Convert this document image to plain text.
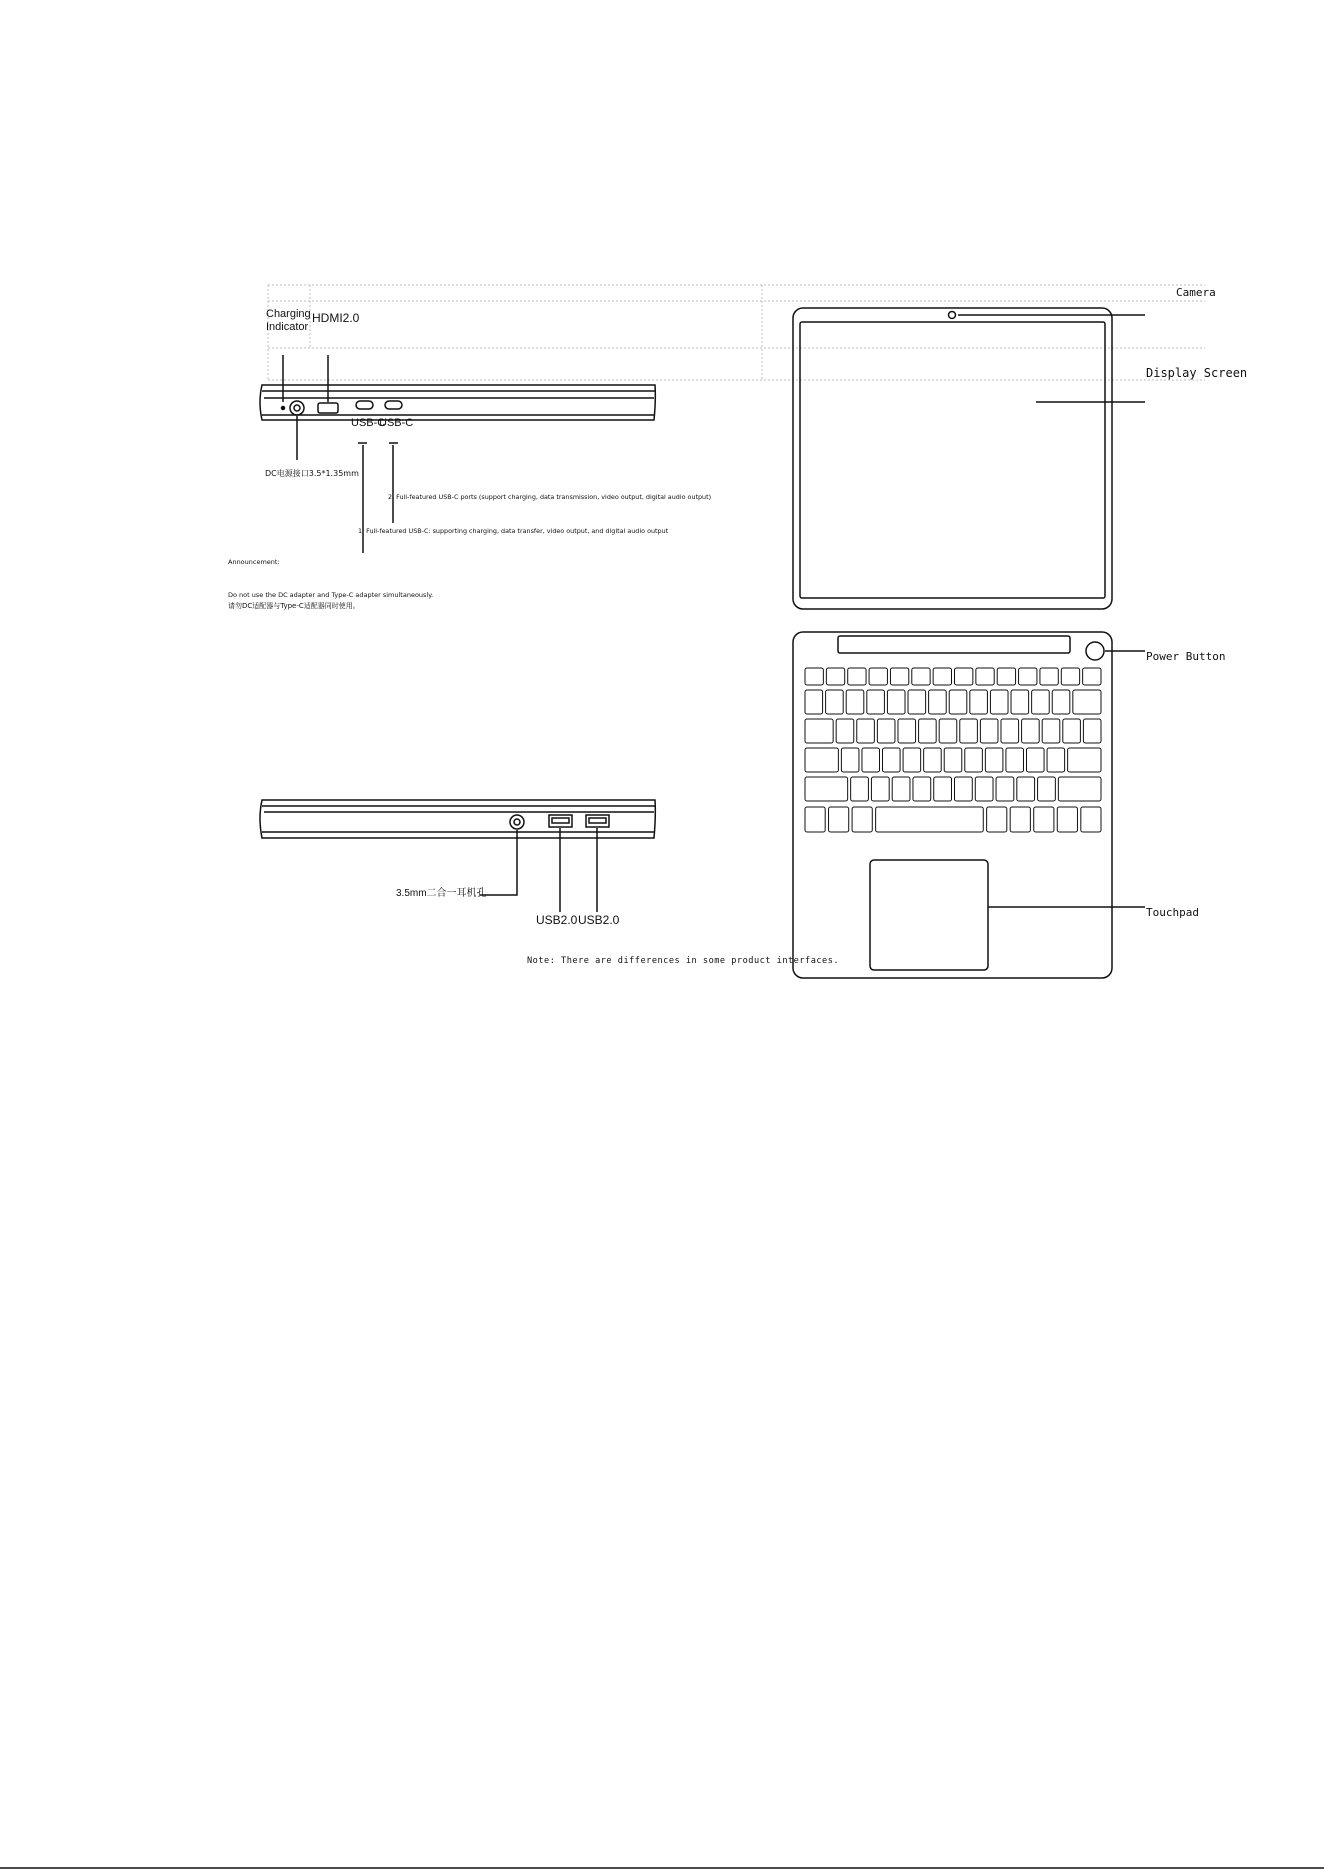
Camera
Display Screen
Power Button
Touchpad
Charging
Indicator
HDMI2.0
USB-C
USB-C
DC电源接口3.5*1.35mm
2. Full-featured USB-C ports (support charging, data transmission, video output, digital audio output)
1. Full-featured USB-C: supporting charging, data transfer, video output, and digital audio output
Announcement:
Do not use the DC adapter and Type-C adapter simultaneously.
请勿DC适配器与Type-C适配器同时使用。
3.5mm二合一耳机孔
USB2.0 USB2.0
Note: There are differences in some product interfaces.
